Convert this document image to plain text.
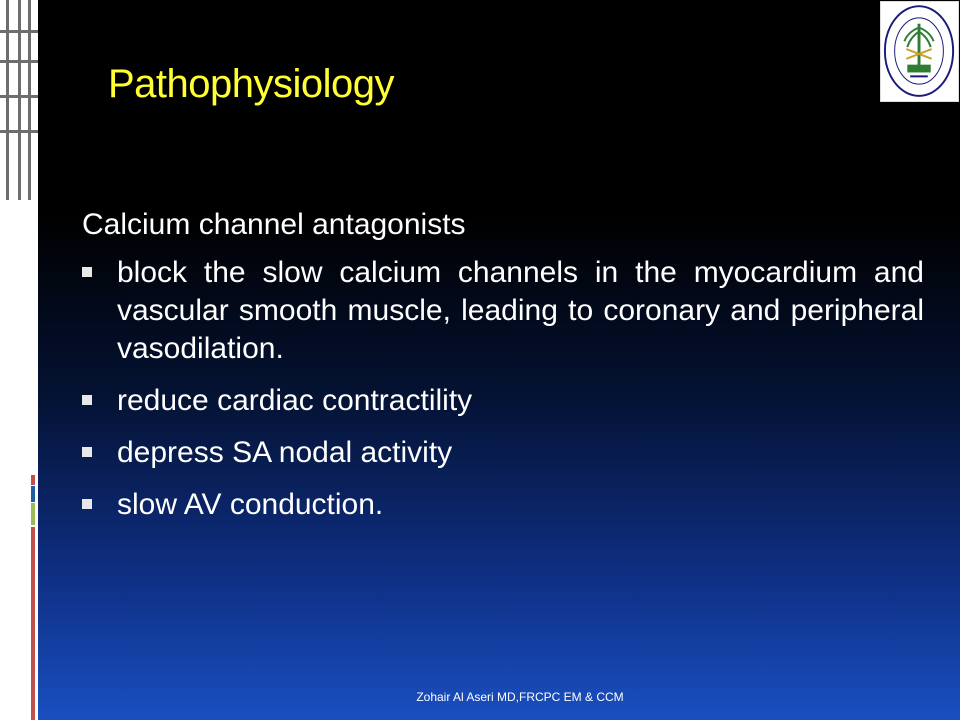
Pathophysiology

Calcium channel antagonists

block the slow calcium channels in the myocardium and vascular smooth muscle, leading to coronary and peripheral vasodilation.
reduce cardiac contractility
depress SA nodal activity
slow AV conduction.
Zohair Al Aseri MD,FRCPC EM & CCM
